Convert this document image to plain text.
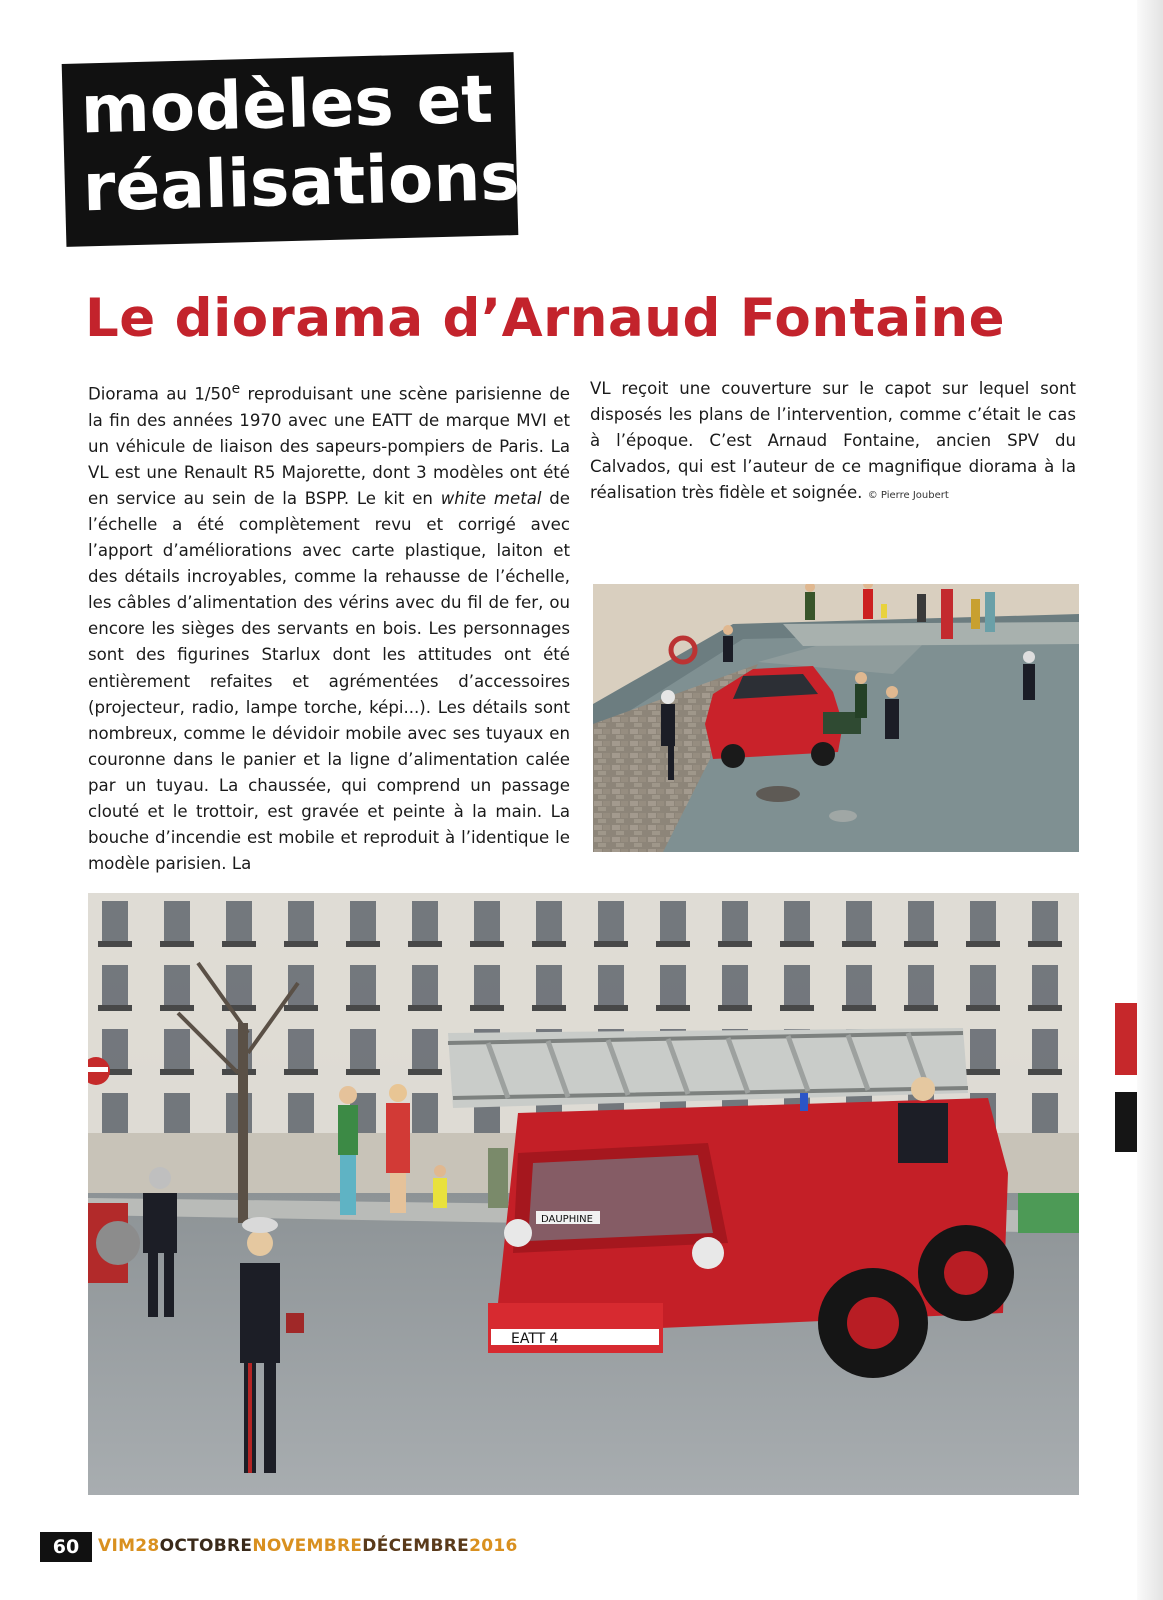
modèles et
réalisations
Le diorama d’Arnaud Fontaine

Diorama au 1/50e reproduisant une scène parisienne de la fin des années 1970 avec une EATT de marque MVI et un véhicule de liaison des sapeurs-pompiers de Paris. La VL est une Renault R5 Majorette, dont 3 modèles ont été en service au sein de la BSPP. Le kit en white metal de l’échelle a été complètement revu et corrigé avec l’apport d’améliorations avec carte plastique, laiton et des détails incroyables, comme la rehausse de l’échelle, les câbles d’alimentation des vérins avec du fil de fer, ou encore les sièges des servants en bois. Les personnages sont des figurines Starlux dont les attitudes ont été entièrement refaites et agrémentées d’accessoires (projecteur, radio, lampe torche, képi...). Les détails sont nombreux, comme le dévidoir mobile avec ses tuyaux en couronne dans le panier et la ligne d’alimentation calée par un tuyau. La chaussée, qui comprend un passage clouté et le trottoir, est gravée et peinte à la main. La bouche d’incendie est mobile et reproduit à l’identique le modèle parisien. La

VL reçoit une couverture sur le capot sur lequel sont disposés les plans de l’intervention, comme c’était le cas à l’époque. C’est Arnaud Fontaine, ancien SPV du Calvados, qui est l’auteur de ce magnifique diorama à la réalisation très fidèle et soignée. © Pierre Joubert

EATT 4
DAUPHINE
60	VIM28OCTOBRENOVEMBREDÉCEMBRE2016
